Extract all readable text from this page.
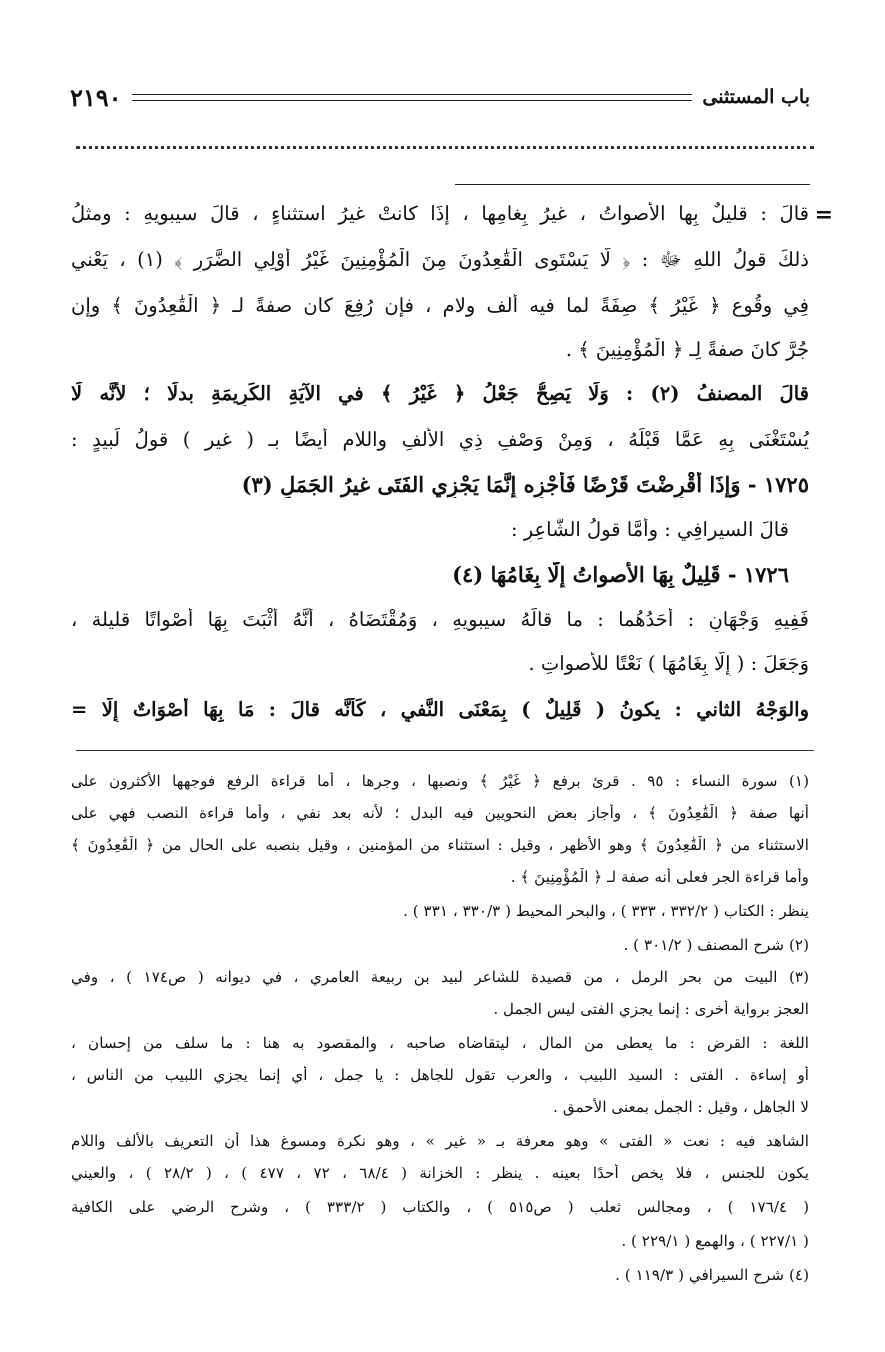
باب المستثنى
٢١٩٠
=
قالَ : قليلٌ بِها الأصواتُ ، غيرُ بِغامِها ، إذَا كانتْ غيرُ استثناءٍ ، قالَ سيبويهِ : ومثلُ
ذلكَ قولُ اللهِ ﷻ : ﴿ لَّا يَسْتَوِى الْقَٰعِدُونَ مِنَ الْمُؤْمِنِينَ غَيْرُ أُوْلِي الضَّرَرِ ﴾ (١) ، يَعْني
فِي وقُوعِ ﴿ غَيْرُ ﴾ صِفَةً لما فيه ألف ولام ، فإن رُفِعَ كان صفةً لـ ﴿ الْقَٰعِدُونَ ﴾ وإن
جُرَّ كانَ صفةً لِـ ﴿ الْمُؤْمِنِينَ ﴾ .
قالَ المصنفُ (٢) : وَلَا يَصِحُّ جَعْلُ ﴿ غَيْرُ ﴾ في الآيَةِ الكَرِيمَةِ بدلًا ؛ لأنَّه لَا
يُسْتَغْنَى بِهِ عَمَّا قَبْلَهُ ، وَمِنْ وَصْفِ ذِي الألفِ واللامِ أيضًا بـ ( غير ) قولُ لَبيدٍ :
١٧٢٥ - وَإِذَا أُقْرِضْتَ قَرْضًا فَأَجْزِه إِنَّمَا يَجْزِي الفَتَى غيرُ الجَمَلِ (٣)
قالَ السيرافِي : وأَمَّا قولُ الشَّاعِرِ :
١٧٢٦ - قَلِيلٌ بِهَا الأَصواتُ إِلَّا بِغَامُهَا (٤)
فَفِيهِ وَجْهَانِ : أَحَدُهُما : ما قالَهُ سيبويهِ ، وَمُقْتَضَاهُ ، أَنَّهُ أَثْبَتَ بِهَا أَصْواتًا قليلة ،
وَجَعَلَ : ( إِلَّا بِغَامُهَا ) نَعْتًا للأصواتِ .
والوَجْهُ الثاني : يكونُ ( قَلِيلٌ ) بِمَعْنَى النَّفيِ ، كَأَنَّه قالَ : مَا بِهَا أَصْوَاتٌ إِلَّا =
(١) سورة النساء : ٩٥ . قرئ برفع ﴿ غَيْرُ ﴾ ونصبها ، وجرها ، أما قراءة الرفع فوجهها الأكثرون على
أنها صفة ﴿ الْقَٰعِدُونَ ﴾ ، وأجاز بعض النحويين فيه البدل ؛ لأنه بعد نفي ، وأما قراءة النصب فهي على
الاستثناء من ﴿ الْقَٰعِدُونَ ﴾ وهو الأظهر ، وقيل : استثناء من المؤمنين ، وقيل بنصبه على الحال من ﴿ الْقَٰعِدُونَ ﴾
وأما قراءة الجر فعلى أنه صفة لـ ﴿ الْمُؤْمِنِينَ ﴾ .
ينظر : الكتاب ( ٣٣٢/٢ ، ٣٣٣ ) ، والبحر المحيط ( ٣٣٠/٣ ، ٣٣١ ) .
(٢) شرح المصنف ( ٣٠١/٢ ) .
(٣) البيت من بحر الرمل ، من قصيدة للشاعر لبيد بن ربيعة العامري ، في ديوانه ( ص١٧٤ ) ، وفي
العجز برواية أخرى : إنما يجزي الفتى ليس الجمل .
اللغة : القرض : ما يعطى من المال ، ليتقاضاه صاحبه ، والمقصود به هنا : ما سلف من إحسان ،
أو إساءة . الفتى : السيد اللبيب ، والعرب تقول للجاهل : يا جمل ، أي إنما يجزي اللبيب من الناس ،
لا الجاهل ، وقيل : الجمل بمعنى الأحمق .
الشاهد فيه : نعت « الفتى » وهو معرفة بـ « غير » ، وهو نكرة ومسوغ هذا أن التعريف بالألف واللام
يكون للجنس ، فلا يخص أحدًا بعينه . ينظر : الخزانة ( ٦٨/٤ ، ٧٢ ، ٤٧٧ ) ، ( ٢٨/٢ ) ، والعيني
( ١٧٦/٤ ) ، ومجالس ثعلب ( ص٥١٥ ) ، والكتاب ( ٣٣٣/٢ ) ، وشرح الرضي على الكافية
( ٢٢٧/١ ) ، والهمع ( ٢٢٩/١ ) .
(٤) شرح السيرافي ( ١١٩/٣ ) .
